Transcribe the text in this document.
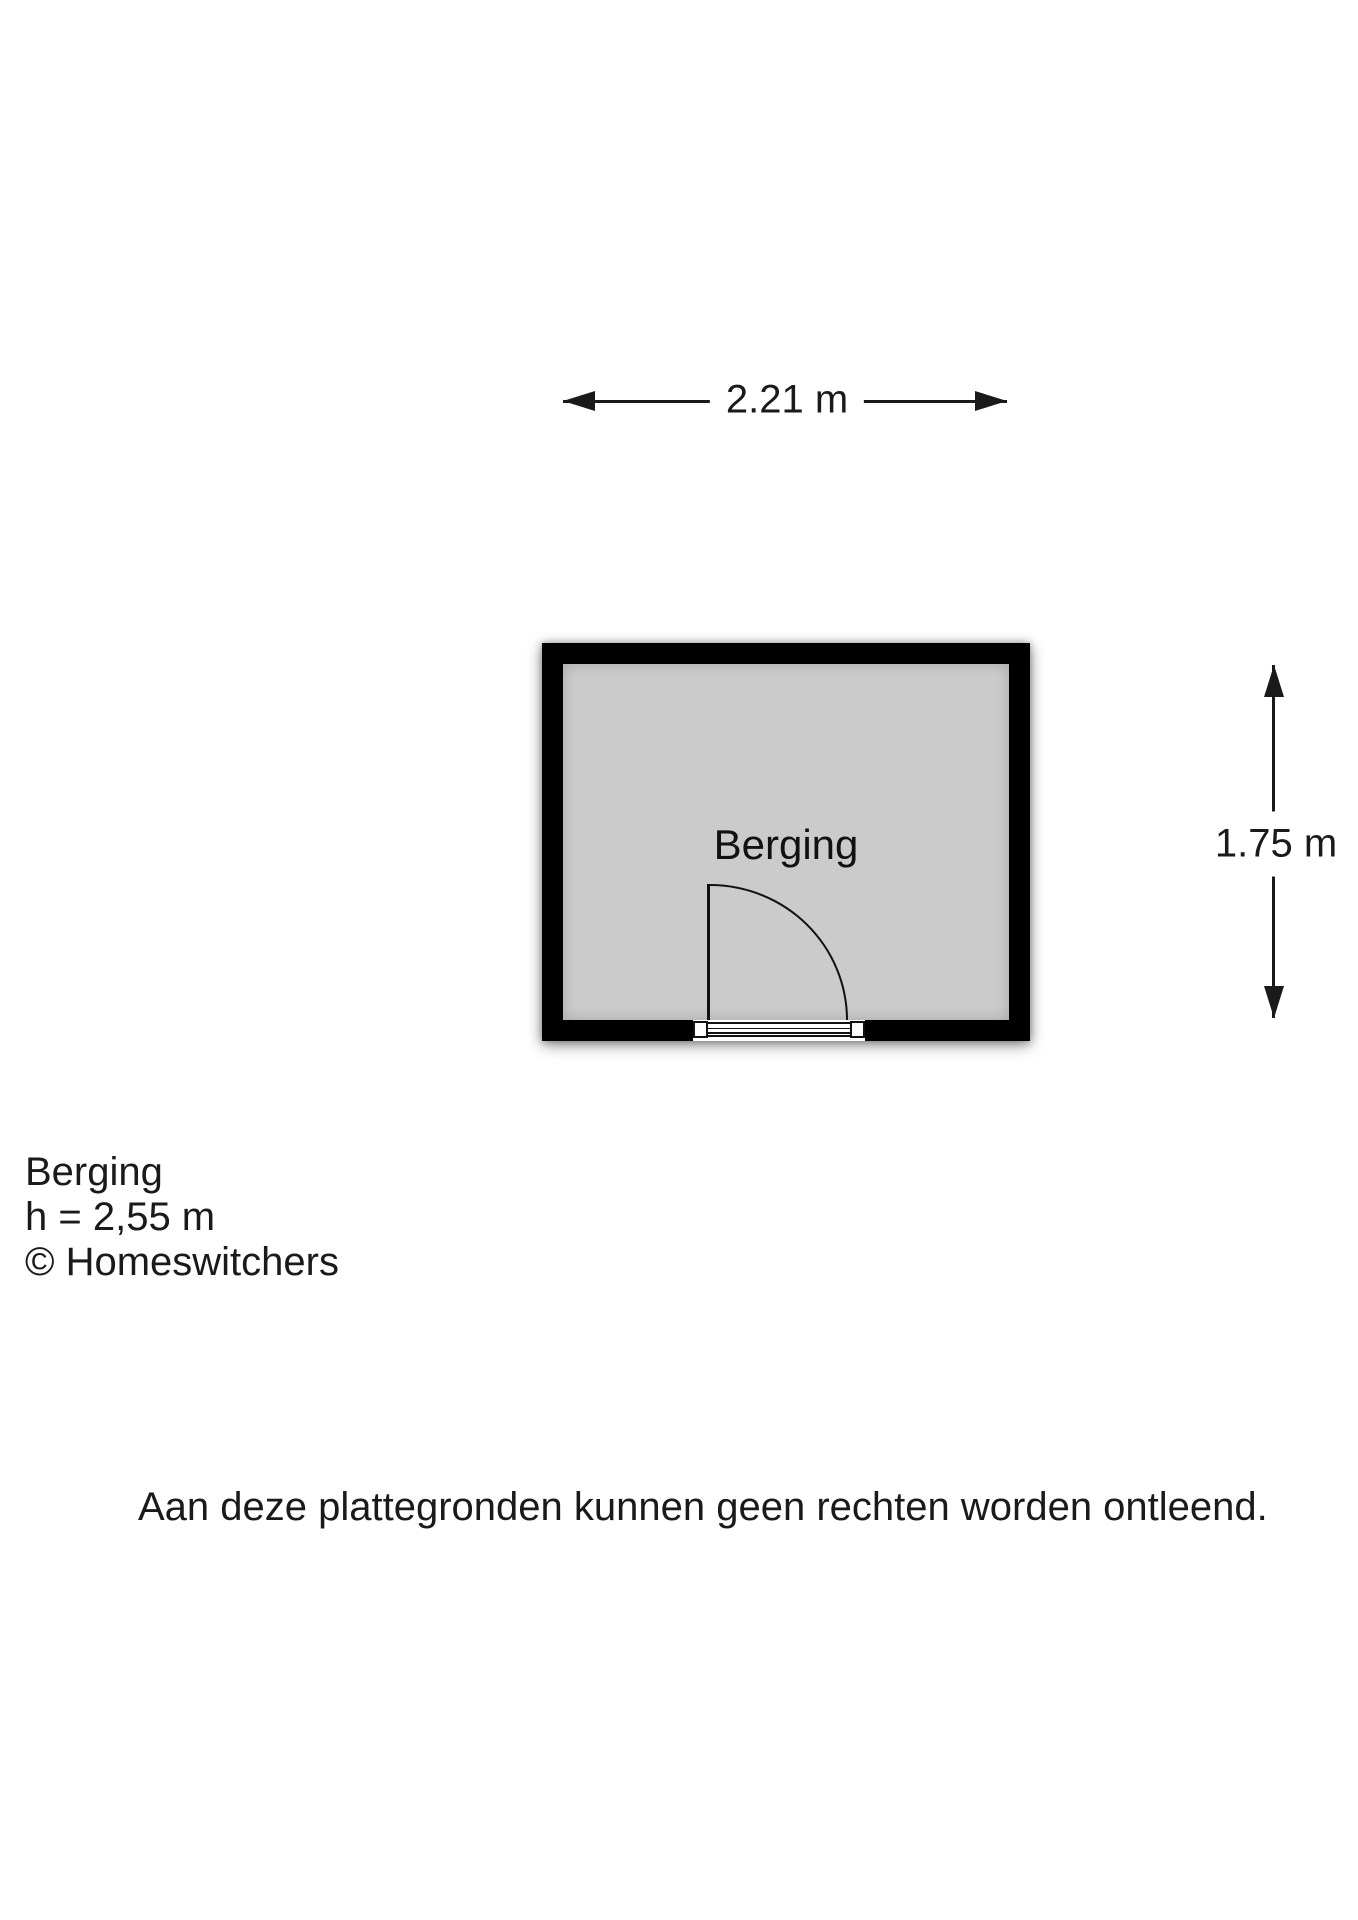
2.21 m
1.75 m
Berging
Berging
h = 2,55 m
© Homeswitchers
Aan deze plattegronden kunnen geen rechten worden ontleend.
